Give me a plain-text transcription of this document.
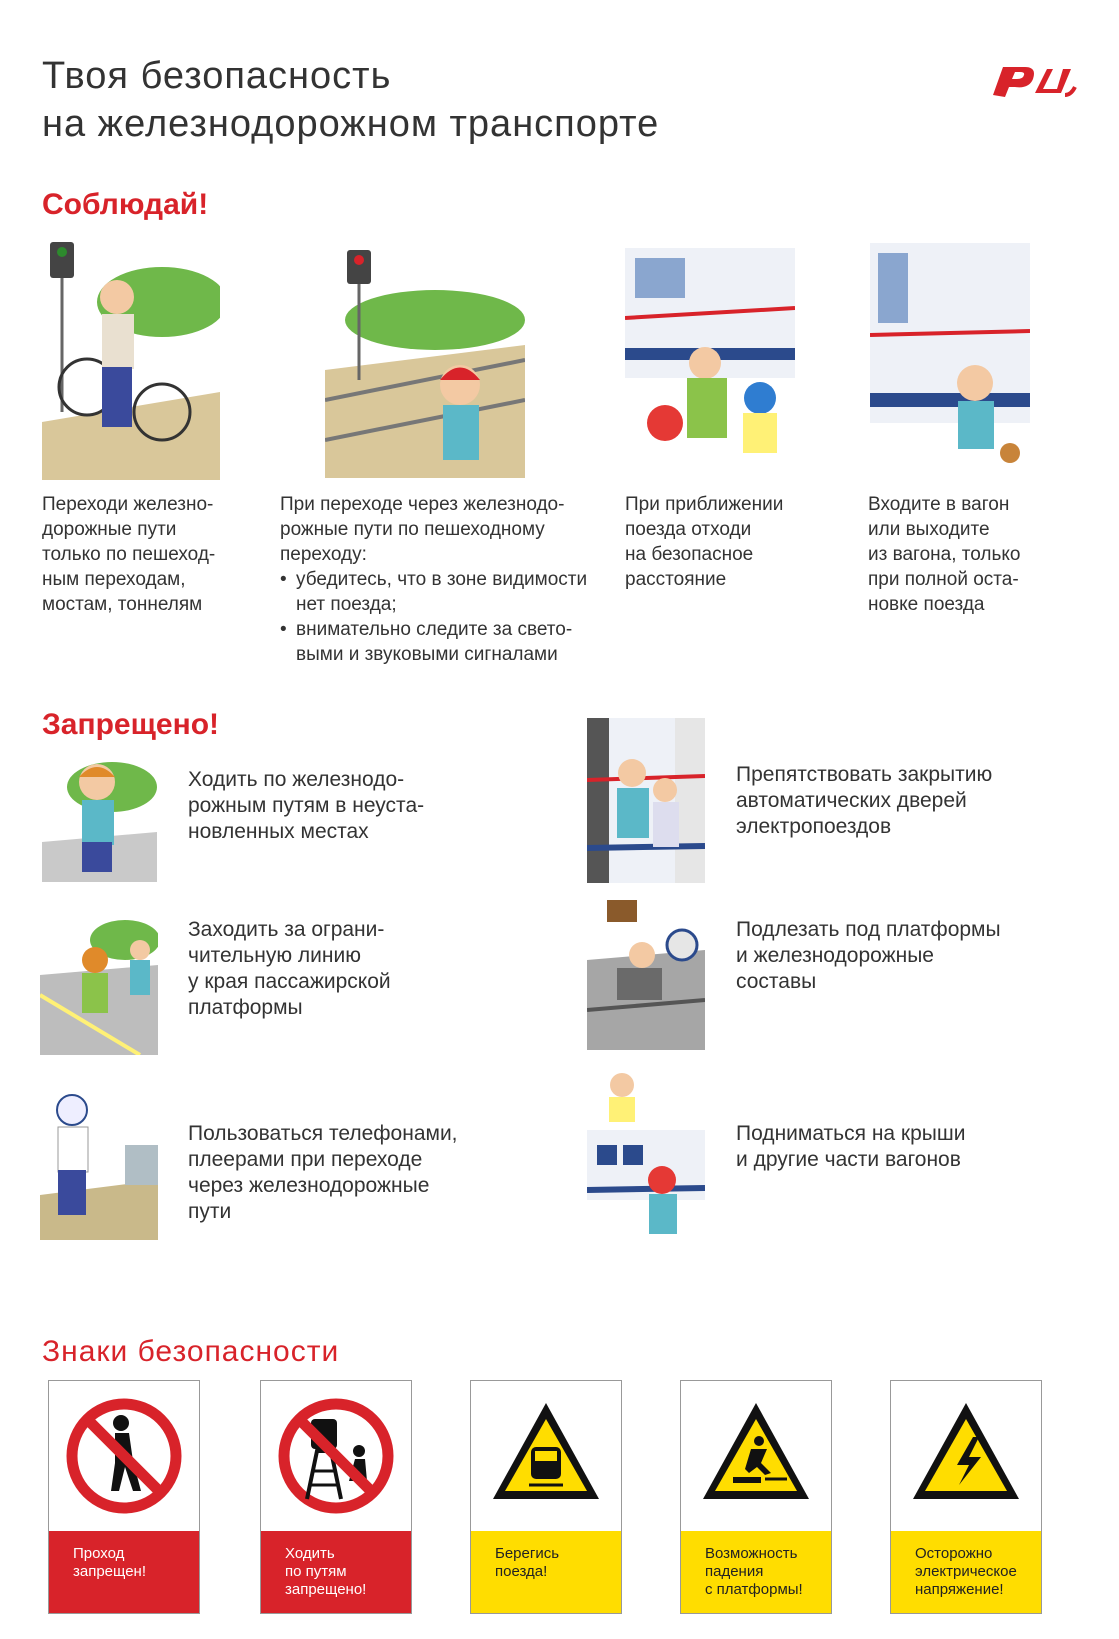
Твоя безопасность
на железнодорожном транспорте
Соблюдай!
Переходи железно-
дорожные пути
только по пешеход-
ным переходам,
мостам, тоннелям
При переходе через железнодо-
рожные пути по пешеходному
переходу:
• убедитесь, что в зоне видимости нет поезда;
• внимательно следите за свето-
выми и звуковыми сигналами
При приближении
поезда отходи
на безопасное
расстояние
Входите в вагон
или выходите
из вагона, только
при полной оста-
новке поезда
Запрещено!
Ходить по железнодо-
рожным путям в неуста-
новленных местах
Препятствовать закрытию
автоматических дверей
электропоездов
Заходить за ограни-
чительную линию
у края пассажирской
платформы
Подлезать под платформы
и железнодорожные
составы
Пользоваться телефонами,
плеерами при переходе
через железнодорожные
пути
Подниматься на крыши
и другие части вагонов
Знаки безопасности
Проход
запрещен!
Ходить
по путям
запрещено!
Берегись
поезда!
Возможность
падения
с платформы!
Осторожно
электрическое
напряжение!
